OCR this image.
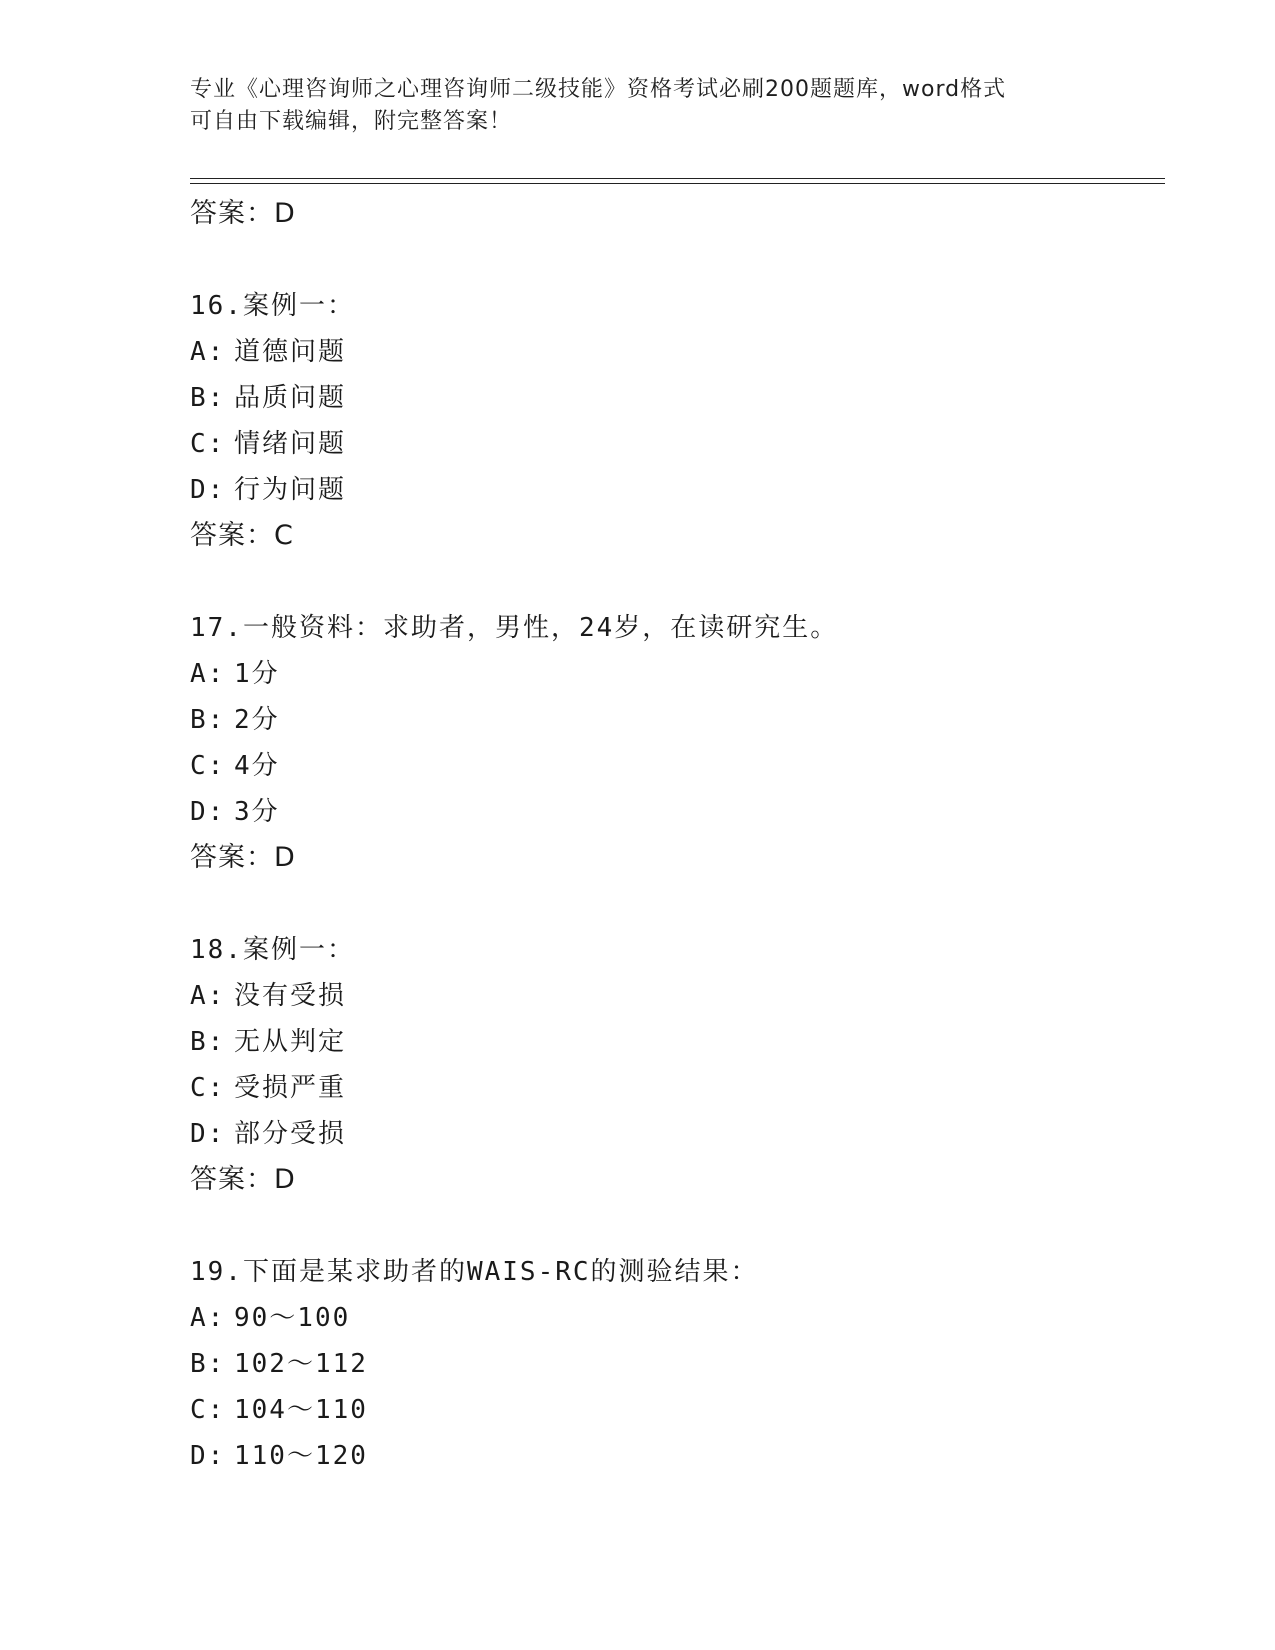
专业《心理咨询师之心理咨询师二级技能》资格考试必刷200题题库，word格式
可自由下载编辑，附完整答案！
答案：D
16.案例一：
A: 道德问题
B: 品质问题
C: 情绪问题
D: 行为问题
答案：C
17.一般资料：求助者，男性，24岁，在读研究生。
A: 1分
B: 2分
C: 4分
D: 3分
答案：D
18.案例一：
A: 没有受损
B: 无从判定
C: 受损严重
D: 部分受损
答案：D
19.下面是某求助者的WAIS-RC的测验结果：
A: 90～100
B: 102～112
C: 104～110
D: 110～120
